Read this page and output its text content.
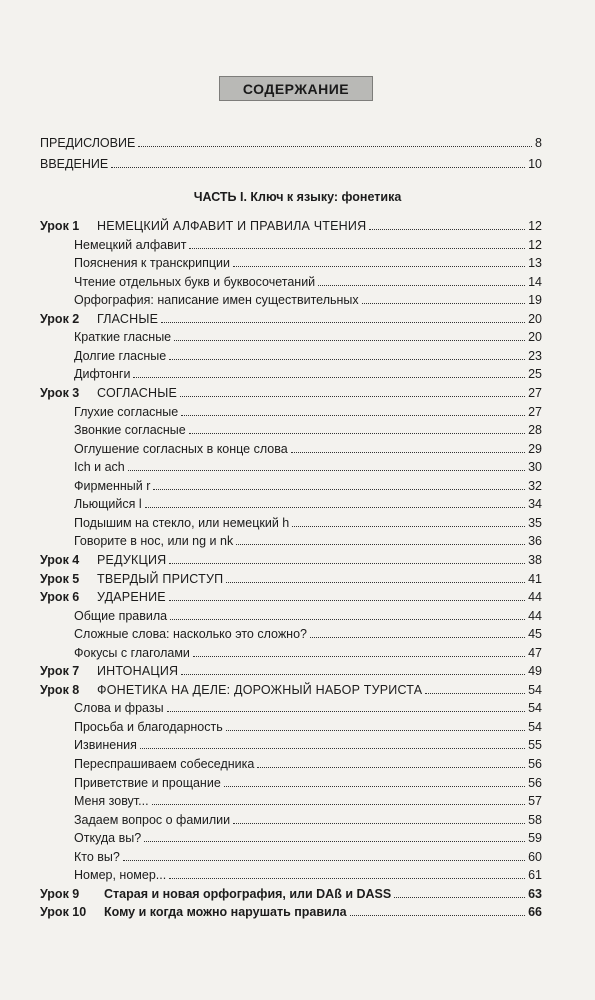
СОДЕРЖАНИЕ
ПРЕДИСЛОВИЕ	8
ВВЕДЕНИЕ	10
ЧАСТЬ I. Ключ к языку: фонетика
Урок 1	НЕМЕЦКИЙ АЛФАВИТ И ПРАВИЛА ЧТЕНИЯ	12
Немецкий алфавит	12
Пояснения к транскрипции	13
Чтение отдельных букв и буквосочетаний	14
Орфография: написание имен существительных	19
Урок 2	ГЛАСНЫЕ	20
Краткие гласные	20
Долгие гласные	23
Дифтонги	25
Урок 3	СОГЛАСНЫЕ	27
Глухие согласные	27
Звонкие согласные	28
Оглушение согласных в конце слова	29
Ich и ach	30
Фирменный r	32
Льющийся l	34
Подышим на стекло, или немецкий h	35
Говорите в нос, или ng и nk	36
Урок 4	РЕДУКЦИЯ	38
Урок 5	ТВЕРДЫЙ ПРИСТУП	41
Урок 6	УДАРЕНИЕ	44
Общие правила	44
Сложные слова: насколько это сложно?	45
Фокусы с глаголами	47
Урок 7	ИНТОНАЦИЯ	49
Урок 8	ФОНЕТИКА НА ДЕЛЕ: ДОРОЖНЫЙ НАБОР ТУРИСТА	54
Слова и фразы	54
Просьба и благодарность	54
Извинения	55
Переспрашиваем собеседника	56
Приветствие и прощание	56
Меня зовут...	57
Задаем вопрос о фамилии	58
Откуда вы?	59
Кто вы?	60
Номер, номер...	61
Урок 9	Старая и новая орфография, или DAß и DASS	63
Урок 10	Кому и когда можно нарушать правила	66
